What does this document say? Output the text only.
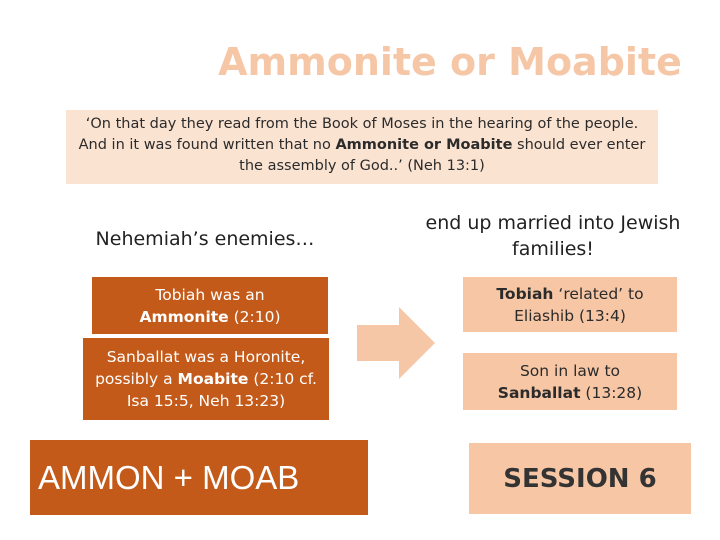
Ammonite or Moabite
‘On that day they read from the Book of Moses in the hearing of the people.
And in it was found written that no Ammonite or Moabite should ever enter
the assembly of God..’ (Neh 13:1)
Nehemiah’s enemies…
end up married into Jewish families!
Tobiah was an
Ammonite (2:10)
Sanballat was a Horonite, possibly a Moabite (2:10 cf. Isa 15:5, Neh 13:23)
Tobiah ‘related’ to Eliashib (13:4)
Son in law to
Sanballat (13:28)
AMMON + MOAB	SESSION 6
